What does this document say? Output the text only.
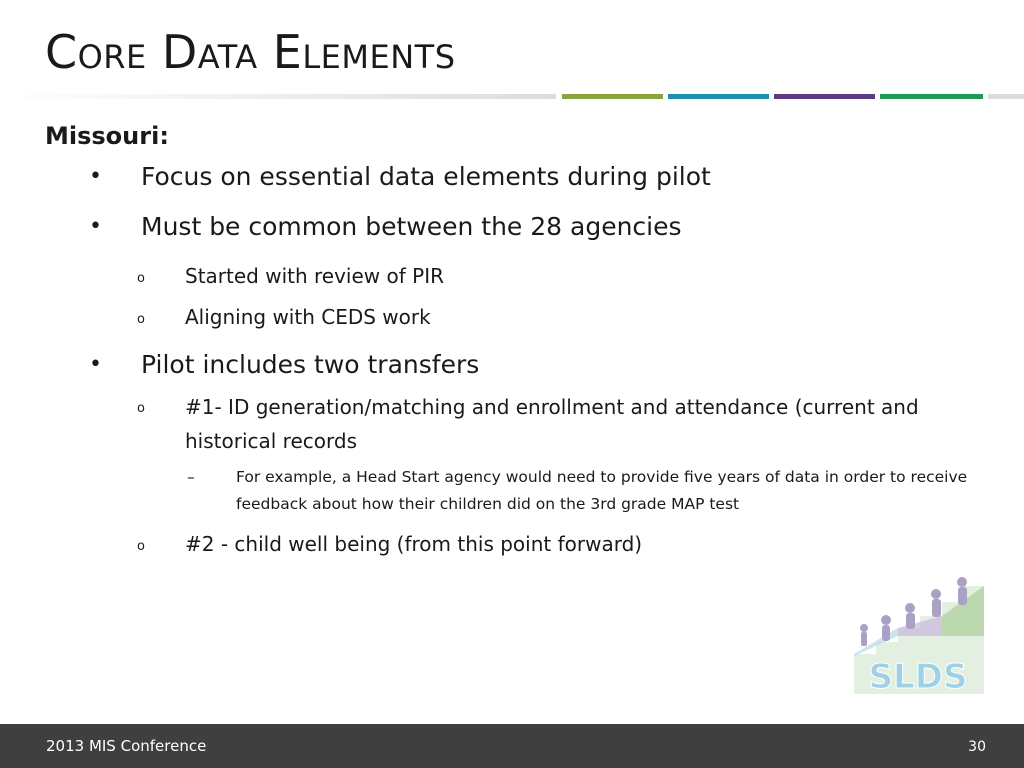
Core Data Elements
Missouri:
• Focus on essential data elements during pilot
• Must be common between the 28 agencies
o Started with review of PIR
o Aligning with CEDS work
• Pilot includes two transfers
o #1- ID generation/matching and enrollment and attendance (current and historical records
–	For example, a Head Start agency would need to provide five years of data in order to receive feedback about how their children did on the 3rd grade MAP test
o #2 - child well being (from this point forward)
SLDS
2013 MIS Conference	30
